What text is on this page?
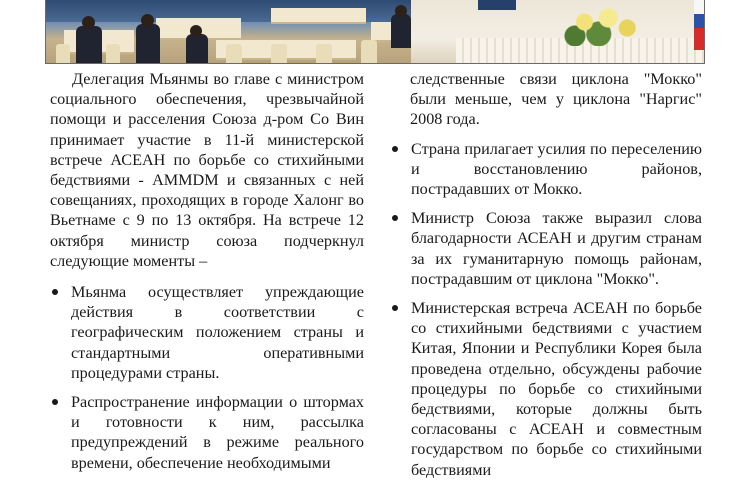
Делегация Мьянмы во главе с министром социального обеспечения, чрезвычайной помощи и расселения Союза д-ром Со Вин принимает участие в 11-й министерской встрече АСЕАН по борьбе со стихийными бедствиями - AMMDM и связанных с ней совещаниях, проходящих в городе Халонг во Вьетнаме с 9 по 13 октября. На встрече 12 октября министр союза подчеркнул следующие моменты –

Мьянма осуществляет упреждающие действия в соответствии с географическим положением страны и стандартными оперативными процедурами страны.
Распространение информации о штормах и готовности к ним, рассылка предупреждений в режиме реального времени, обеспечение необходимыми

следственные связи циклона "Мокко" были меньше, чем у циклона "Наргис" 2008 года.

Страна прилагает усилия по переселению и восстановлению районов, пострадавших от Мокко.
Министр Союза также выразил слова благодарности АСЕАН и другим странам за их гуманитарную помощь районам, пострадавшим от циклона "Мокко".
Министерская встреча АСЕАН по борьбе со стихийными бедствиями с участием Китая, Японии и Республики Корея была проведена отдельно, обсуждены рабочие процедуры по борьбе со стихийными бедствиями, которые должны быть согласованы с АСЕАН и совместным государством по борьбе со стихийными бедствиями
